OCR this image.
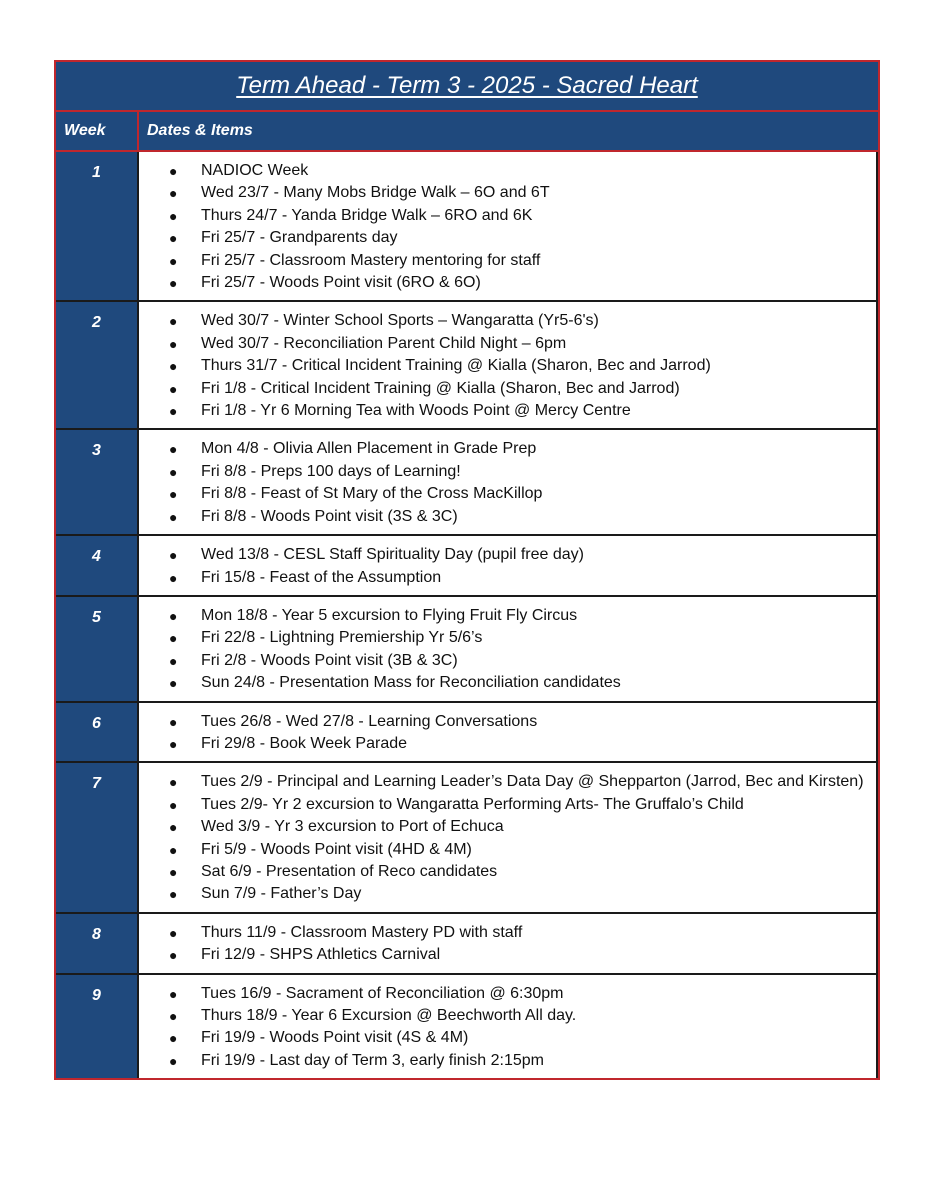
Term Ahead - Term 3 - 2025 - Sacred Heart
Week	Dates & Items
1	● NADIOC Week
● Wed 23/7 - Many Mobs Bridge Walk – 6O and 6T
● Thurs 24/7 - Yanda Bridge Walk – 6RO and 6K
● Fri 25/7 - Grandparents day
● Fri 25/7 - Classroom Mastery mentoring for staff
● Fri 25/7 - Woods Point visit (6RO & 6O)
2	● Wed 30/7 - Winter School Sports – Wangaratta (Yr5-6's)
● Wed 30/7 - Reconciliation Parent Child Night – 6pm
● Thurs 31/7 - Critical Incident Training @ Kialla (Sharon, Bec and Jarrod)
● Fri 1/8 - Critical Incident Training @ Kialla (Sharon, Bec and Jarrod)
● Fri 1/8 - Yr 6 Morning Tea with Woods Point @ Mercy Centre
3	● Mon 4/8 - Olivia Allen Placement in Grade Prep
● Fri 8/8 - Preps 100 days of Learning!
● Fri 8/8 - Feast of St Mary of the Cross MacKillop
● Fri 8/8 - Woods Point visit (3S & 3C)
4	● Wed 13/8 - CESL Staff Spirituality Day (pupil free day)
● Fri 15/8 - Feast of the Assumption
5	● Mon 18/8 - Year 5 excursion to Flying Fruit Fly Circus
● Fri 22/8 - Lightning Premiership Yr 5/6’s
● Fri 2/8 - Woods Point visit (3B & 3C)
● Sun 24/8 - Presentation Mass for Reconciliation candidates
6	● Tues 26/8 - Wed 27/8 - Learning Conversations
● Fri 29/8 - Book Week Parade
7	● Tues 2/9 - Principal and Learning Leader’s Data Day @ Shepparton (Jarrod, Bec and Kirsten)
● Tues 2/9- Yr 2 excursion to Wangaratta Performing Arts- The Gruffalo’s Child
● Wed 3/9 - Yr 3 excursion to Port of Echuca
● Fri 5/9 - Woods Point visit (4HD & 4M)
● Sat 6/9 - Presentation of Reco candidates
● Sun 7/9 - Father’s Day
8	● Thurs 11/9 - Classroom Mastery PD with staff
● Fri 12/9 - SHPS Athletics Carnival
9	● Tues 16/9 - Sacrament of Reconciliation @ 6:30pm
● Thurs 18/9 - Year 6 Excursion @ Beechworth All day.
● Fri 19/9 - Woods Point visit (4S & 4M)
● Fri 19/9 - Last day of Term 3, early finish 2:15pm
